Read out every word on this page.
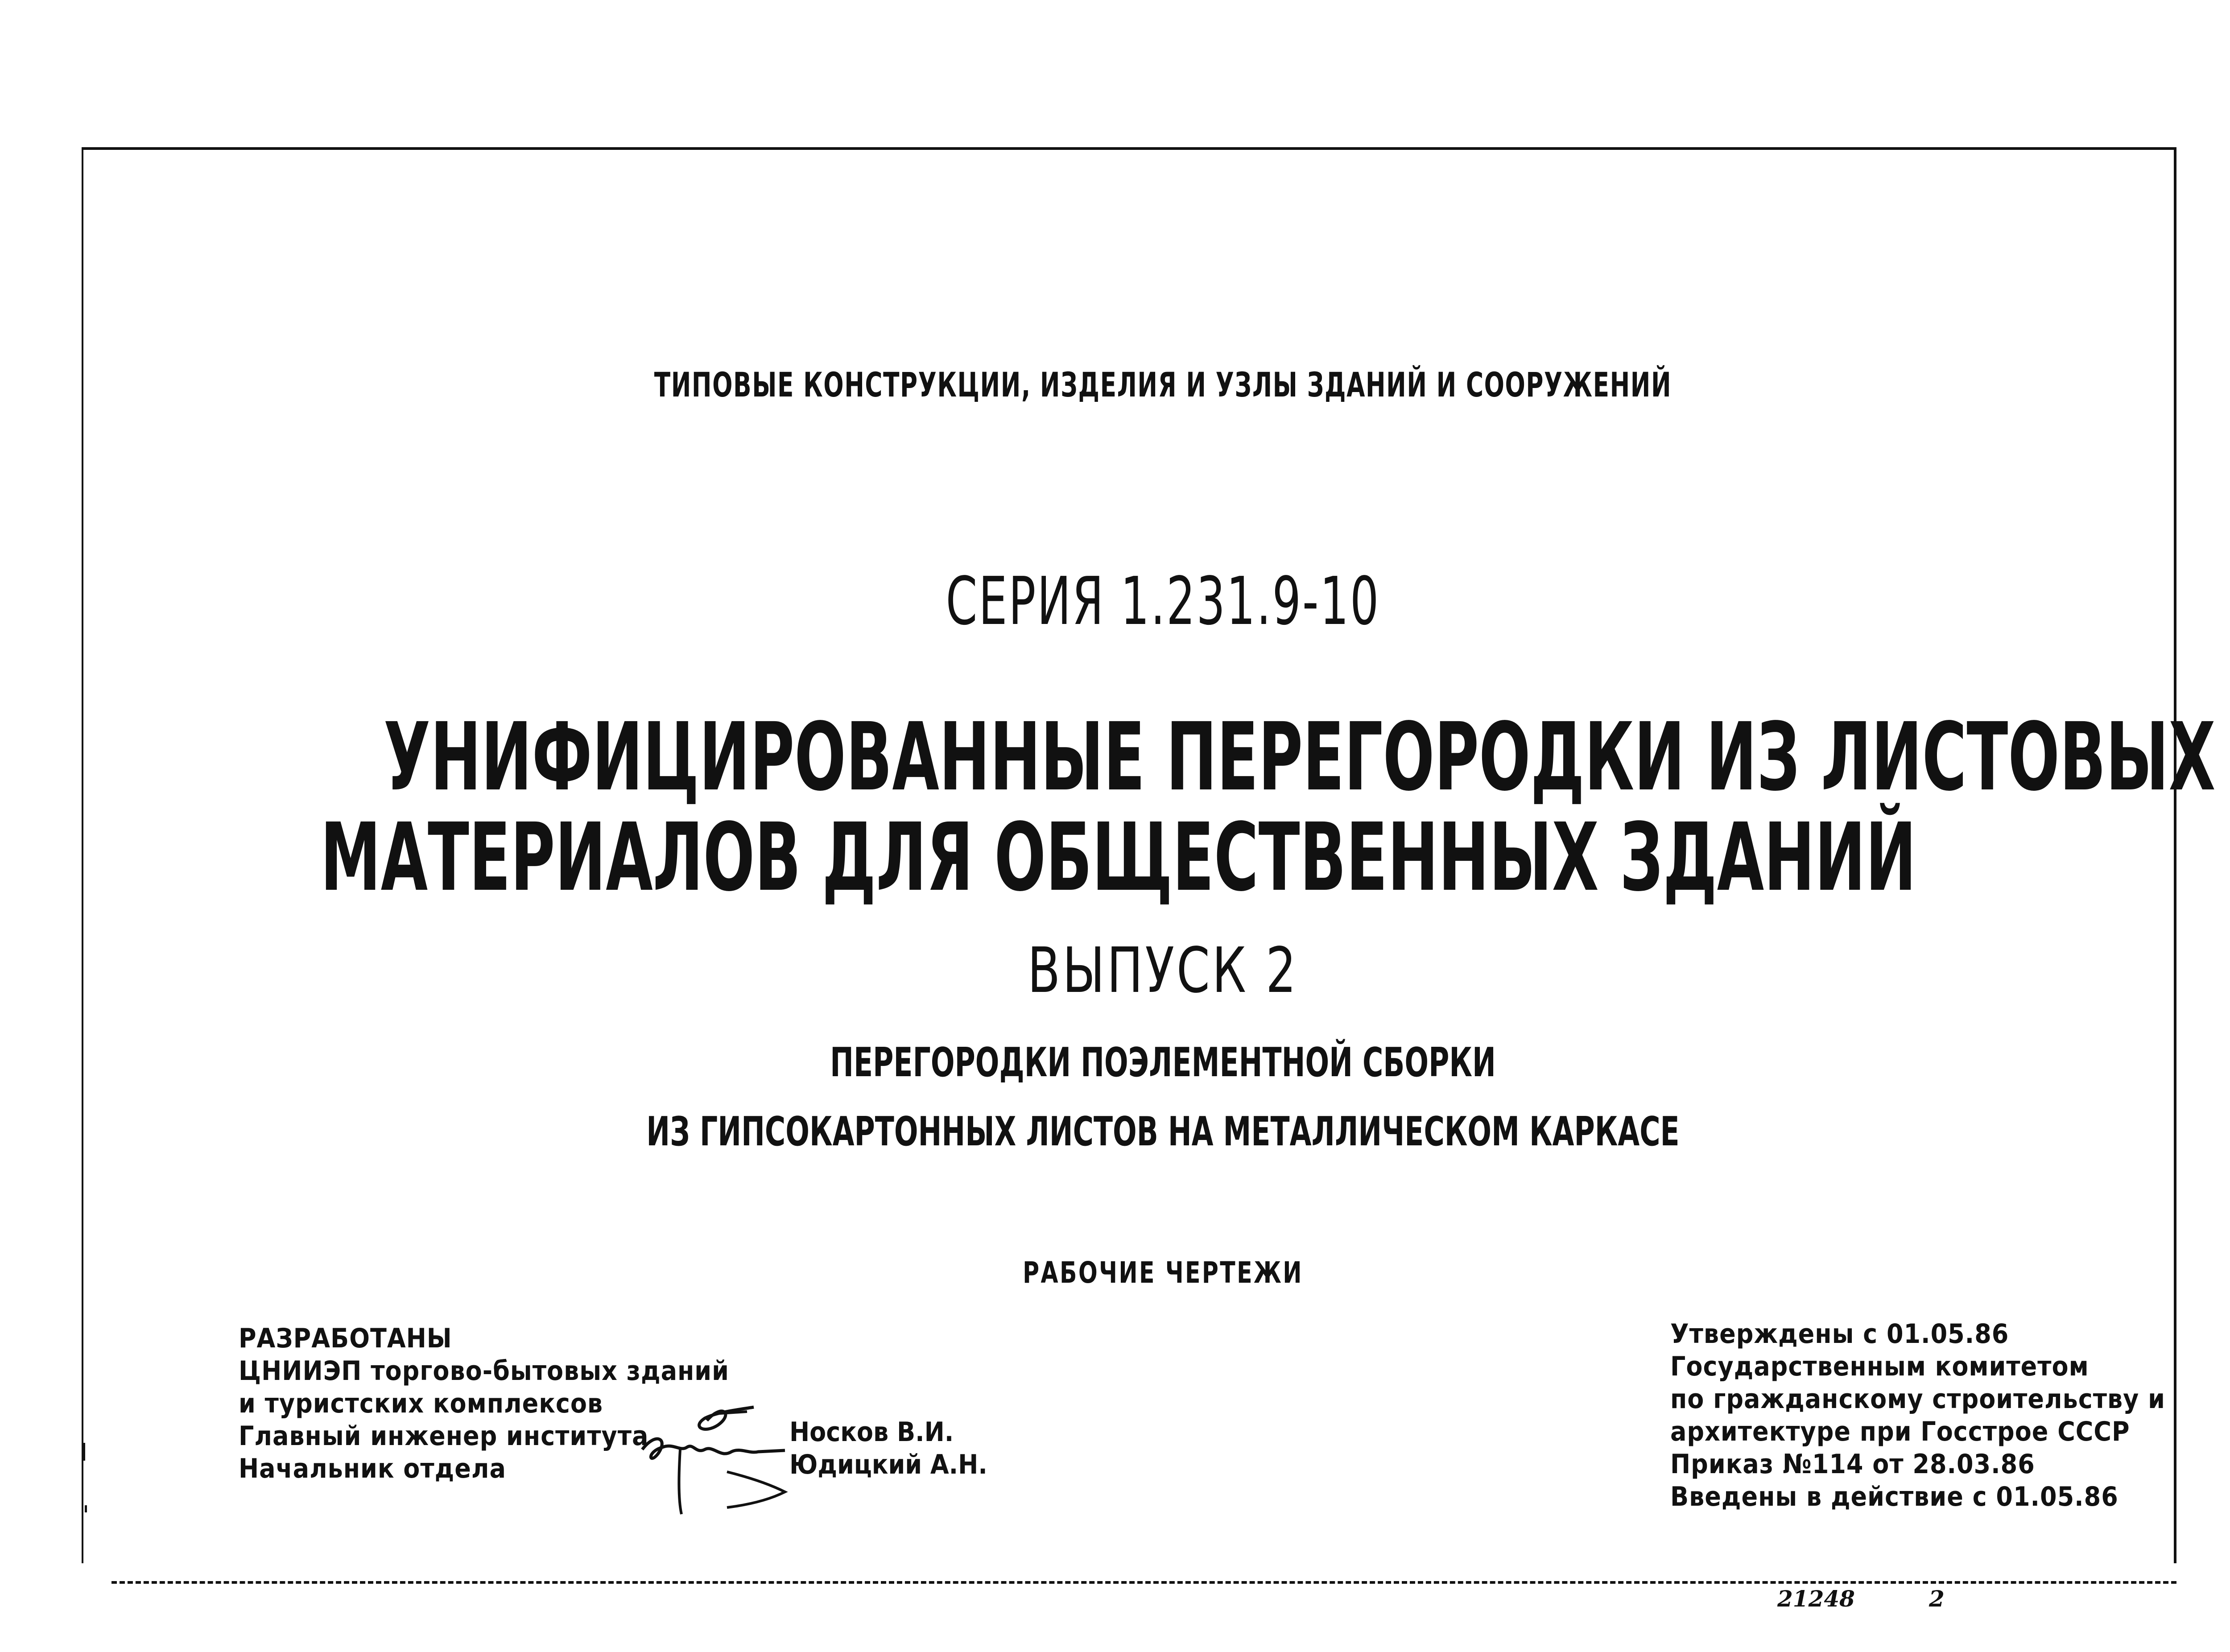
ТИПОВЫЕ КОНСТРУКЦИИ, ИЗДЕЛИЯ И УЗЛЫ ЗДАНИЙ И СООРУЖЕНИЙ
СЕРИЯ 1.231.9-10
УНИФИЦИРОВАННЫЕ ПЕРЕГОРОДКИ ИЗ ЛИСТОВЫХ
МАТЕРИАЛОВ ДЛЯ ОБЩЕСТВЕННЫХ ЗДАНИЙ
ВЫПУСК 2
ПЕРЕГОРОДКИ ПОЭЛЕМЕНТНОЙ СБОРКИ
ИЗ ГИПСОКАРТОННЫХ ЛИСТОВ НА МЕТАЛЛИЧЕСКОМ КАРКАСЕ
РАБОЧИЕ ЧЕРТЕЖИ
РАЗРАБОТАНЫ
ЦНИИЭП торгово-бытовых зданий
и туристских комплексов
Главный инженер института
Начальник отдела
Носков В.И.
Юдицкий А.Н.
Утверждены с 01.05.86
Государственным комитетом
по гражданскому строительству и
архитектуре при Госстрое СССР
Приказ №114 от 28.03.86
Введены в действие с 01.05.86
21248	2
